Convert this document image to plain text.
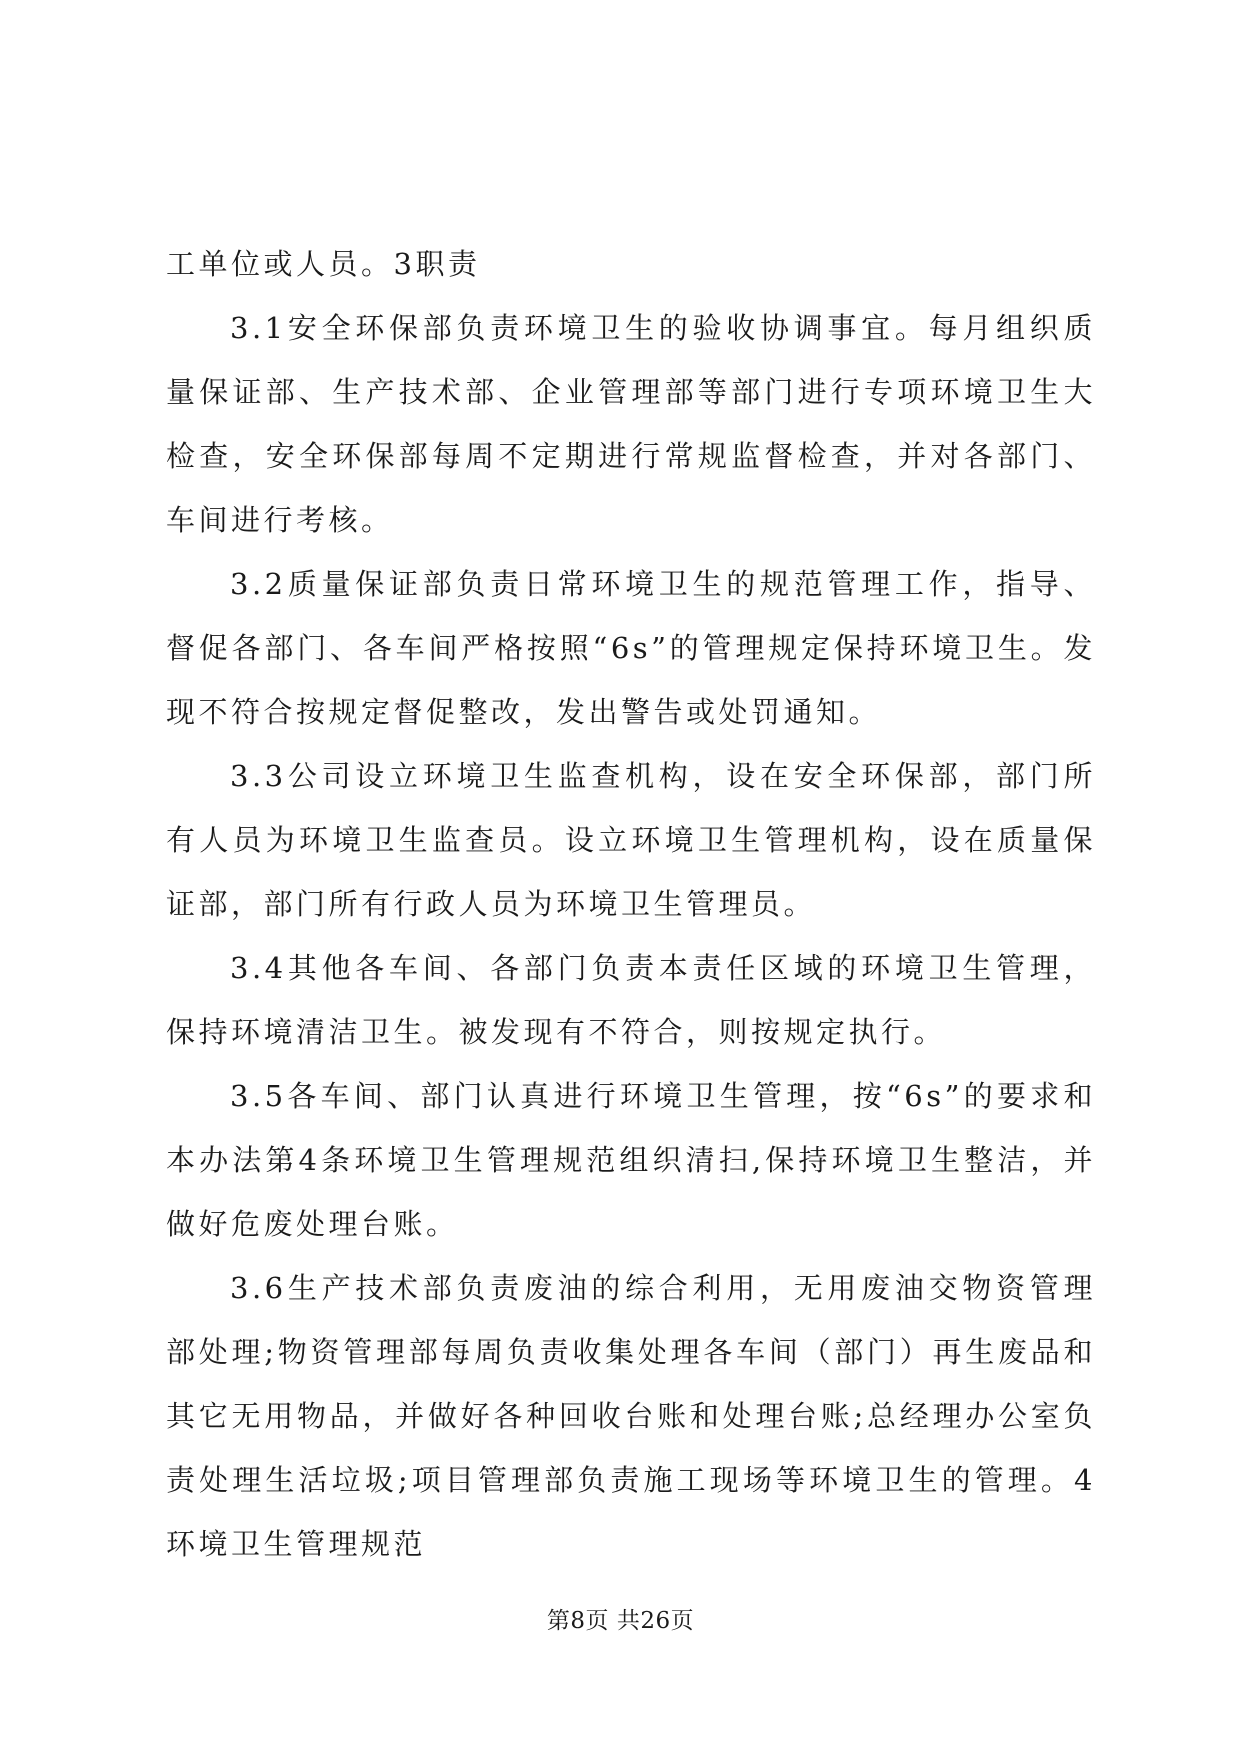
工单位或人员。3职责

3.1安全环保部负责环境卫生的验收协调事宜。每月组织质量保证部、生产技术部、企业管理部等部门进行专项环境卫生大检查，安全环保部每周不定期进行常规监督检查，并对各部门、车间进行考核。

3.2质量保证部负责日常环境卫生的规范管理工作，指导、督促各部门、各车间严格按照“6s”的管理规定保持环境卫生。发现不符合按规定督促整改，发出警告或处罚通知。

3.3公司设立环境卫生监查机构，设在安全环保部，部门所有人员为环境卫生监查员。设立环境卫生管理机构，设在质量保证部，部门所有行政人员为环境卫生管理员。

3.4其他各车间、各部门负责本责任区域的环境卫生管理，保持环境清洁卫生。被发现有不符合，则按规定执行。

3.5各车间、部门认真进行环境卫生管理，按“6s”的要求和本办法第4条环境卫生管理规范组织清扫,保持环境卫生整洁，并做好危废处理台账。

3.6生产技术部负责废油的综合利用，无用废油交物资管理部处理;物资管理部每周负责收集处理各车间（部门）再生废品和其它无用物品，并做好各种回收台账和处理台账;总经理办公室负责处理生活垃圾;项目管理部负责施工现场等环境卫生的管理。4环境卫生管理规范

第8页 共26页
